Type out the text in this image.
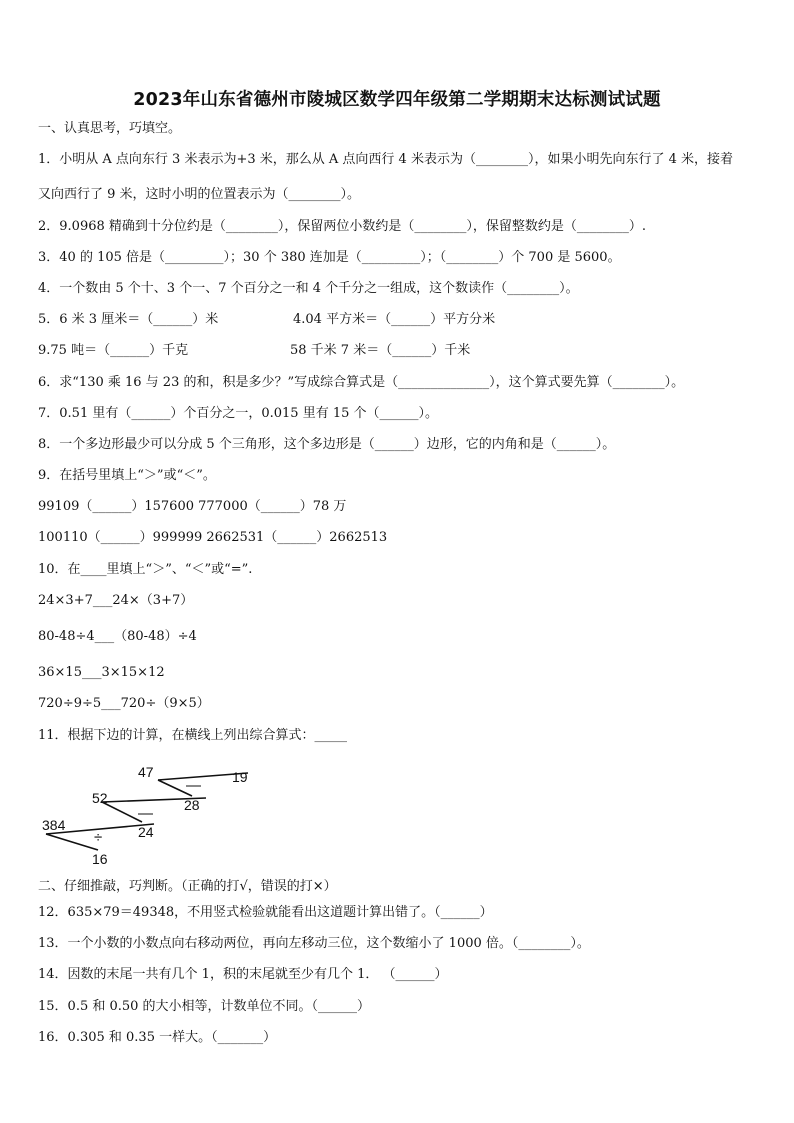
2023年山东省德州市陵城区数学四年级第二学期期末达标测试试题
一、认真思考，巧填空。
1．小明从 A 点向东行 3 米表示为+3 米，那么从 A 点向西行 4 米表示为（________），如果小明先向东行了 4 米，接着
又向西行了 9 米，这时小明的位置表示为（________）。
2．9.0968 精确到十分位约是（________），保留两位小数约是（________），保留整数约是（________）.
3．40 的 105 倍是（_________）；30 个 380 连加是（_________）；（________）个 700 是 5600。
4．一个数由 5 个十、3 个一、7 个百分之一和 4 个千分之一组成，这个数读作（________）。
5．6 米 3 厘米＝（______）米	4.04 平方米＝（______）平方分米
9.75 吨＝（______）千克	58 千米 7 米＝（______）千米
6．求“130 乘 16 与 23 的和，积是多少？”写成综合算式是（______________），这个算式要先算（________）。
7．0.51 里有（______）个百分之一，0.015 里有 15 个（______）。
8．一个多边形最少可以分成 5 个三角形，这个多边形是（______）边形，它的内角和是（______）。
9．在括号里填上“＞”或“＜”。
99109（______）157600 777000（______）78 万
100110（______）999999 2662531（______）2662513
10．在____里填上“＞”、“＜”或“=”.
24×3+7___24×（3+7）
80-48÷4___（80-48）÷4
36×15___3×15×12
720÷9÷5___720÷（9×5）
11．根据下边的计算，在横线上列出综合算式：_____
47	19
—
28
52
—
384	24
÷
16
二、仔细推敲，巧判断。（正确的打√，错误的打×）
12．635×79＝49348，不用竖式检验就能看出这道题计算出错了。（______）
13．一个小数的小数点向右移动两位，再向左移动三位，这个数缩小了 1000 倍。（________）。
14．因数的末尾一共有几个 1，积的末尾就至少有几个 1． （______）
15．0.5 和 0.50 的大小相等，计数单位不同。（______）
16．0.305 和 0.35 一样大。（_______）
